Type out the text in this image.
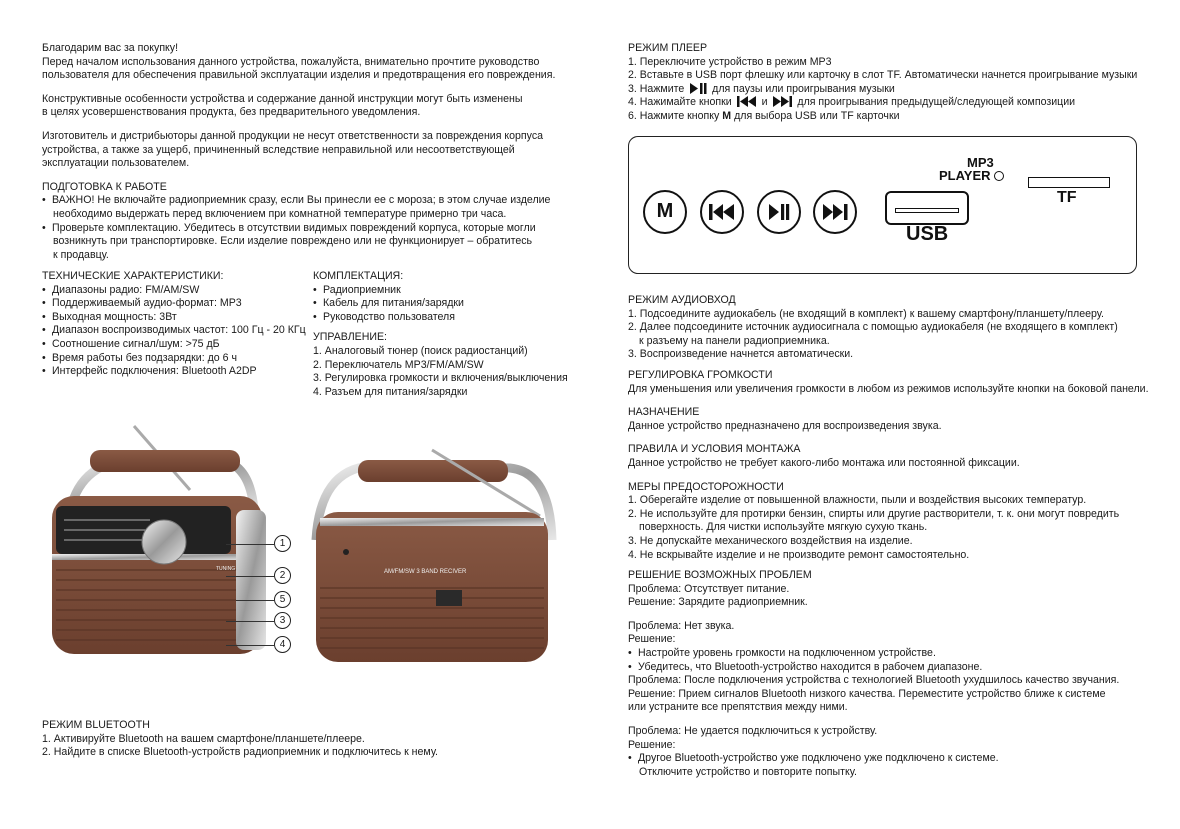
Благодарим вас за покупку!
Перед началом использования данного устройства, пожалуйста, внимательно прочтите руководство
пользователя для обеспечения правильной эксплуатации изделия и предотвращения его повреждения.
Конструктивные особенности устройства и содержание данной инструкции могут быть изменены
в целях усовершенствования продукта, без предварительного уведомления.
Изготовитель и дистрибьюторы данной продукции не несут ответственности за повреждения корпуса
устройства, а также за ущерб, причиненный вследствие неправильной или несоответствующей
эксплуатации пользователем.
ПОДГОТОВКА К РАБОТЕ
• ВАЖНО! Не включайте радиоприемник сразу, если Вы принесли ее с мороза; в этом случае изделие
необходимо выдержать перед включением при комнатной температуре примерно три часа.
• Проверьте комплектацию. Убедитесь в отсутствии видимых повреждений корпуса, которые могли
возникнуть при транспортировке. Если изделие повреждено или не функционирует – обратитесь
к продавцу.
ТЕХНИЧЕСКИЕ ХАРАКТЕРИСТИКИ:
• Диапазоны радио: FM/AM/SW
• Поддерживаемый аудио-формат: MP3
• Выходная мощность: 3Вт
• Диапазон воспроизводимых частот: 100 Гц - 20 КГц
• Соотношение сигнал/шум: >75 дБ
• Время работы без подзарядки: до 6 ч
• Интерфейс подключения: Bluetooth A2DP
КОМПЛЕКТАЦИЯ:
• Радиоприемник
• Кабель для питания/зарядки
• Руководство пользователя
УПРАВЛЕНИЕ:
1. Аналоговый тюнер (поиск радиостанций)
2. Переключатель MP3/FM/AM/SW
3. Регулировка громкости и включения/выключения
4. Разъем для питания/зарядки
TUNING	AM/FM/SW 3 BAND RECIVER
1
2
5
3
4
РЕЖИМ BLUETOOTH
1. Активируйте Bluetooth на вашем смартфоне/планшете/плеере.
2. Найдите в списке Bluetooth-устройств радиоприемник и подключитесь к нему.
РЕЖИМ ПЛЕЕР
1. Переключите устройство в режим MP3
2. Вставьте в USB порт флешку или карточку в слот TF. Автоматически начнется проигрывание музыки
3. Нажмите	для паузы или проигрывания музыки
4. Нажимайте кнопки	и	для проигрывания предыдущей/следующей композиции
6. Нажмите кнопку M для выбора USB или TF карточки
M
USB
MP3
PLAYER
TF
РЕЖИМ АУДИОВХОД
1. Подсоедините аудиокабель (не входящий в комплект) к вашему смартфону/планшету/плееру.
2. Далее подсоедините источник аудиосигнала с помощью аудиокабеля (не входящего в комплект)
к разъему на панели радиоприемника.
3. Воспроизведение начнется автоматически.
РЕГУЛИРОВКА ГРОМКОСТИ
Для уменьшения или увеличения громкости в любом из режимов используйте кнопки на боковой панели.
НАЗНАЧЕНИЕ
Данное устройство предназначено для воспроизведения звука.
ПРАВИЛА И УСЛОВИЯ МОНТАЖА
Данное устройство не требует какого-либо монтажа или постоянной фиксации.
МЕРЫ ПРЕДОСТОРОЖНОСТИ
1. Оберегайте изделие от повышенной влажности, пыли и воздействия высоких температур.
2. Не используйте для протирки бензин, спирты или другие растворители, т. к. они могут повредить
поверхность. Для чистки используйте мягкую сухую ткань.
3. Не допускайте механического воздействия на изделие.
4. Не вскрывайте изделие и не производите ремонт самостоятельно.
РЕШЕНИЕ ВОЗМОЖНЫХ ПРОБЛЕМ
Проблема: Отсутствует питание.
Решение: Зарядите радиоприемник.
Проблема: Нет звука.
Решение:
• Настройте уровень громкости на подключенном устройстве.
• Убедитесь, что Bluetooth-устройство находится в рабочем диапазоне.
Проблема: После подключения устройства с технологией Bluetooth ухудшилось качество звучания.
Решение: Прием сигналов Bluetooth низкого качества. Переместите устройство ближе к системе
или устраните все препятствия между ними.
Проблема: Не удается подключиться к устройству.
Решение:
• Другое Bluetooth-устройство уже подключено уже подключено к системе.
Отключите устройство и повторите попытку.
